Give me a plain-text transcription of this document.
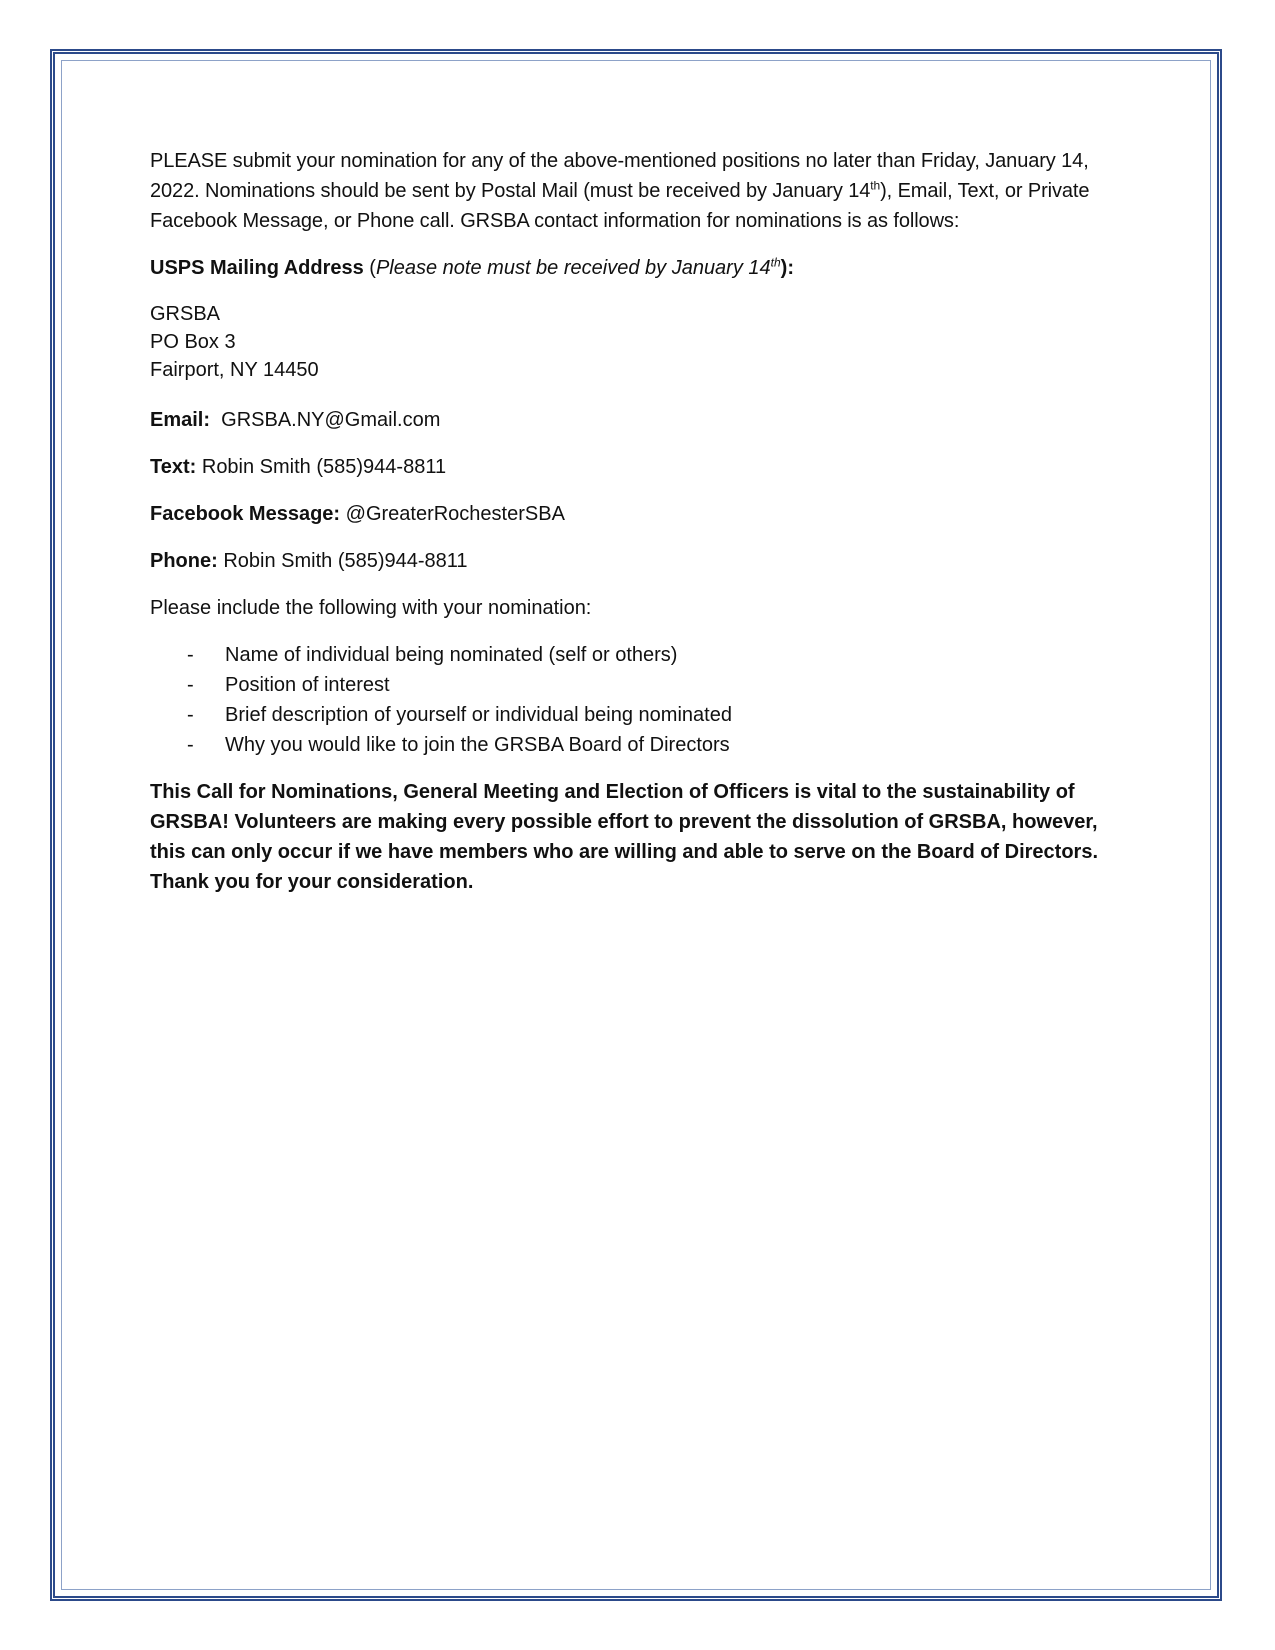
PLEASE submit your nomination for any of the above-mentioned positions no later than Friday, January 14, 2022. Nominations should be sent by Postal Mail (must be received by January 14th), Email, Text, or Private Facebook Message, or Phone call. GRSBA contact information for nominations is as follows:

USPS Mailing Address (Please note must be received by January 14th):

GRSBA
PO Box 3
Fairport, NY 14450

Email:  GRSBA.NY@Gmail.com

Text: Robin Smith (585)944-8811

Facebook Message: @GreaterRochesterSBA

Phone: Robin Smith (585)944-8811

Please include the following with your nomination:

- Name of individual being nominated (self or others)
- Position of interest
- Brief description of yourself or individual being nominated
- Why you would like to join the GRSBA Board of Directors

This Call for Nominations, General Meeting and Election of Officers is vital to the sustainability of GRSBA! Volunteers are making every possible effort to prevent the dissolution of GRSBA, however, this can only occur if we have members who are willing and able to serve on the Board of Directors. Thank you for your consideration.
